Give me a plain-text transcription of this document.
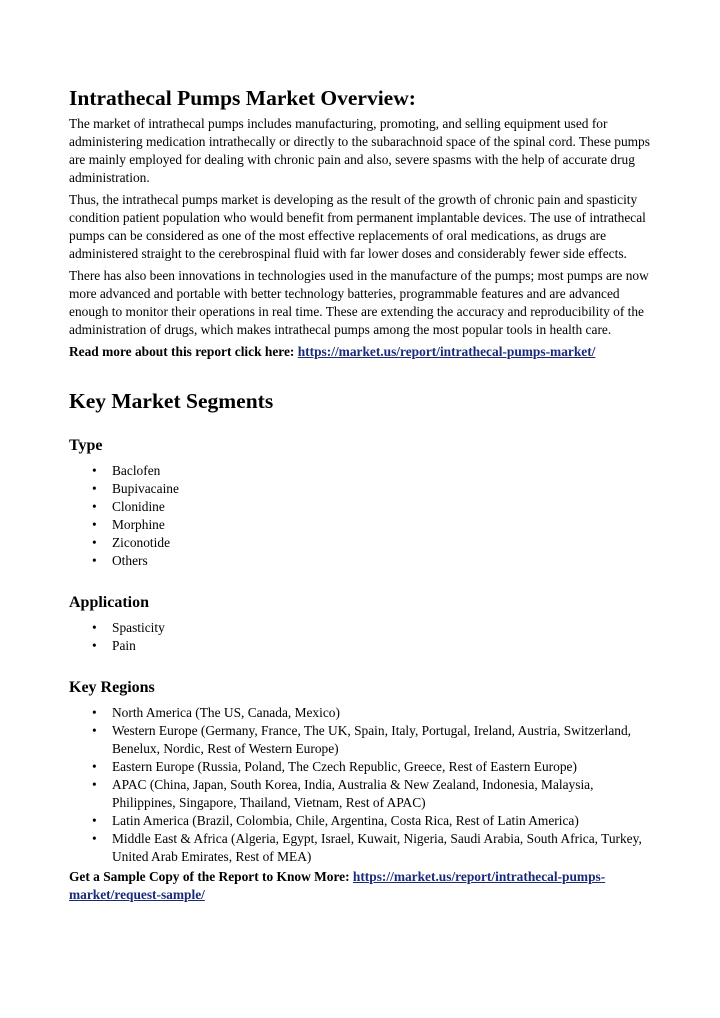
Intrathecal Pumps Market Overview:

The market of intrathecal pumps includes manufacturing, promoting, and selling equipment used for administering medication intrathecally or directly to the subarachnoid space of the spinal cord. These pumps are mainly employed for dealing with chronic pain and also, severe spasms with the help of accurate drug administration.

Thus, the intrathecal pumps market is developing as the result of the growth of chronic pain and spasticity condition patient population who would benefit from permanent implantable devices. The use of intrathecal pumps can be considered as one of the most effective replacements of oral medications, as drugs are administered straight to the cerebrospinal fluid with far lower doses and considerably fewer side effects.

There has also been innovations in technologies used in the manufacture of the pumps; most pumps are now more advanced and portable with better technology batteries, programmable features and are advanced enough to monitor their operations in real time. These are extending the accuracy and reproducibility of the administration of drugs, which makes intrathecal pumps among the most popular tools in health care.

Read more about this report click here: https://market.us/report/intrathecal-pumps-market/

Key Market Segments
Type
• Baclofen
• Bupivacaine
• Clonidine
• Morphine
• Ziconotide
• Others
Application
• Spasticity
• Pain
Key Regions
• North America (The US, Canada, Mexico)
• Western Europe (Germany, France, The UK, Spain, Italy, Portugal, Ireland, Austria, Switzerland, Benelux, Nordic, Rest of Western Europe)
• Eastern Europe (Russia, Poland, The Czech Republic, Greece, Rest of Eastern Europe)
• APAC (China, Japan, South Korea, India, Australia & New Zealand, Indonesia, Malaysia, Philippines, Singapore, Thailand, Vietnam, Rest of APAC)
• Latin America (Brazil, Colombia, Chile, Argentina, Costa Rica, Rest of Latin America)
• Middle East & Africa (Algeria, Egypt, Israel, Kuwait, Nigeria, Saudi Arabia, South Africa, Turkey, United Arab Emirates, Rest of MEA)

Get a Sample Copy of the Report to Know More: https://market.us/report/intrathecal-pumps-market/request-sample/
